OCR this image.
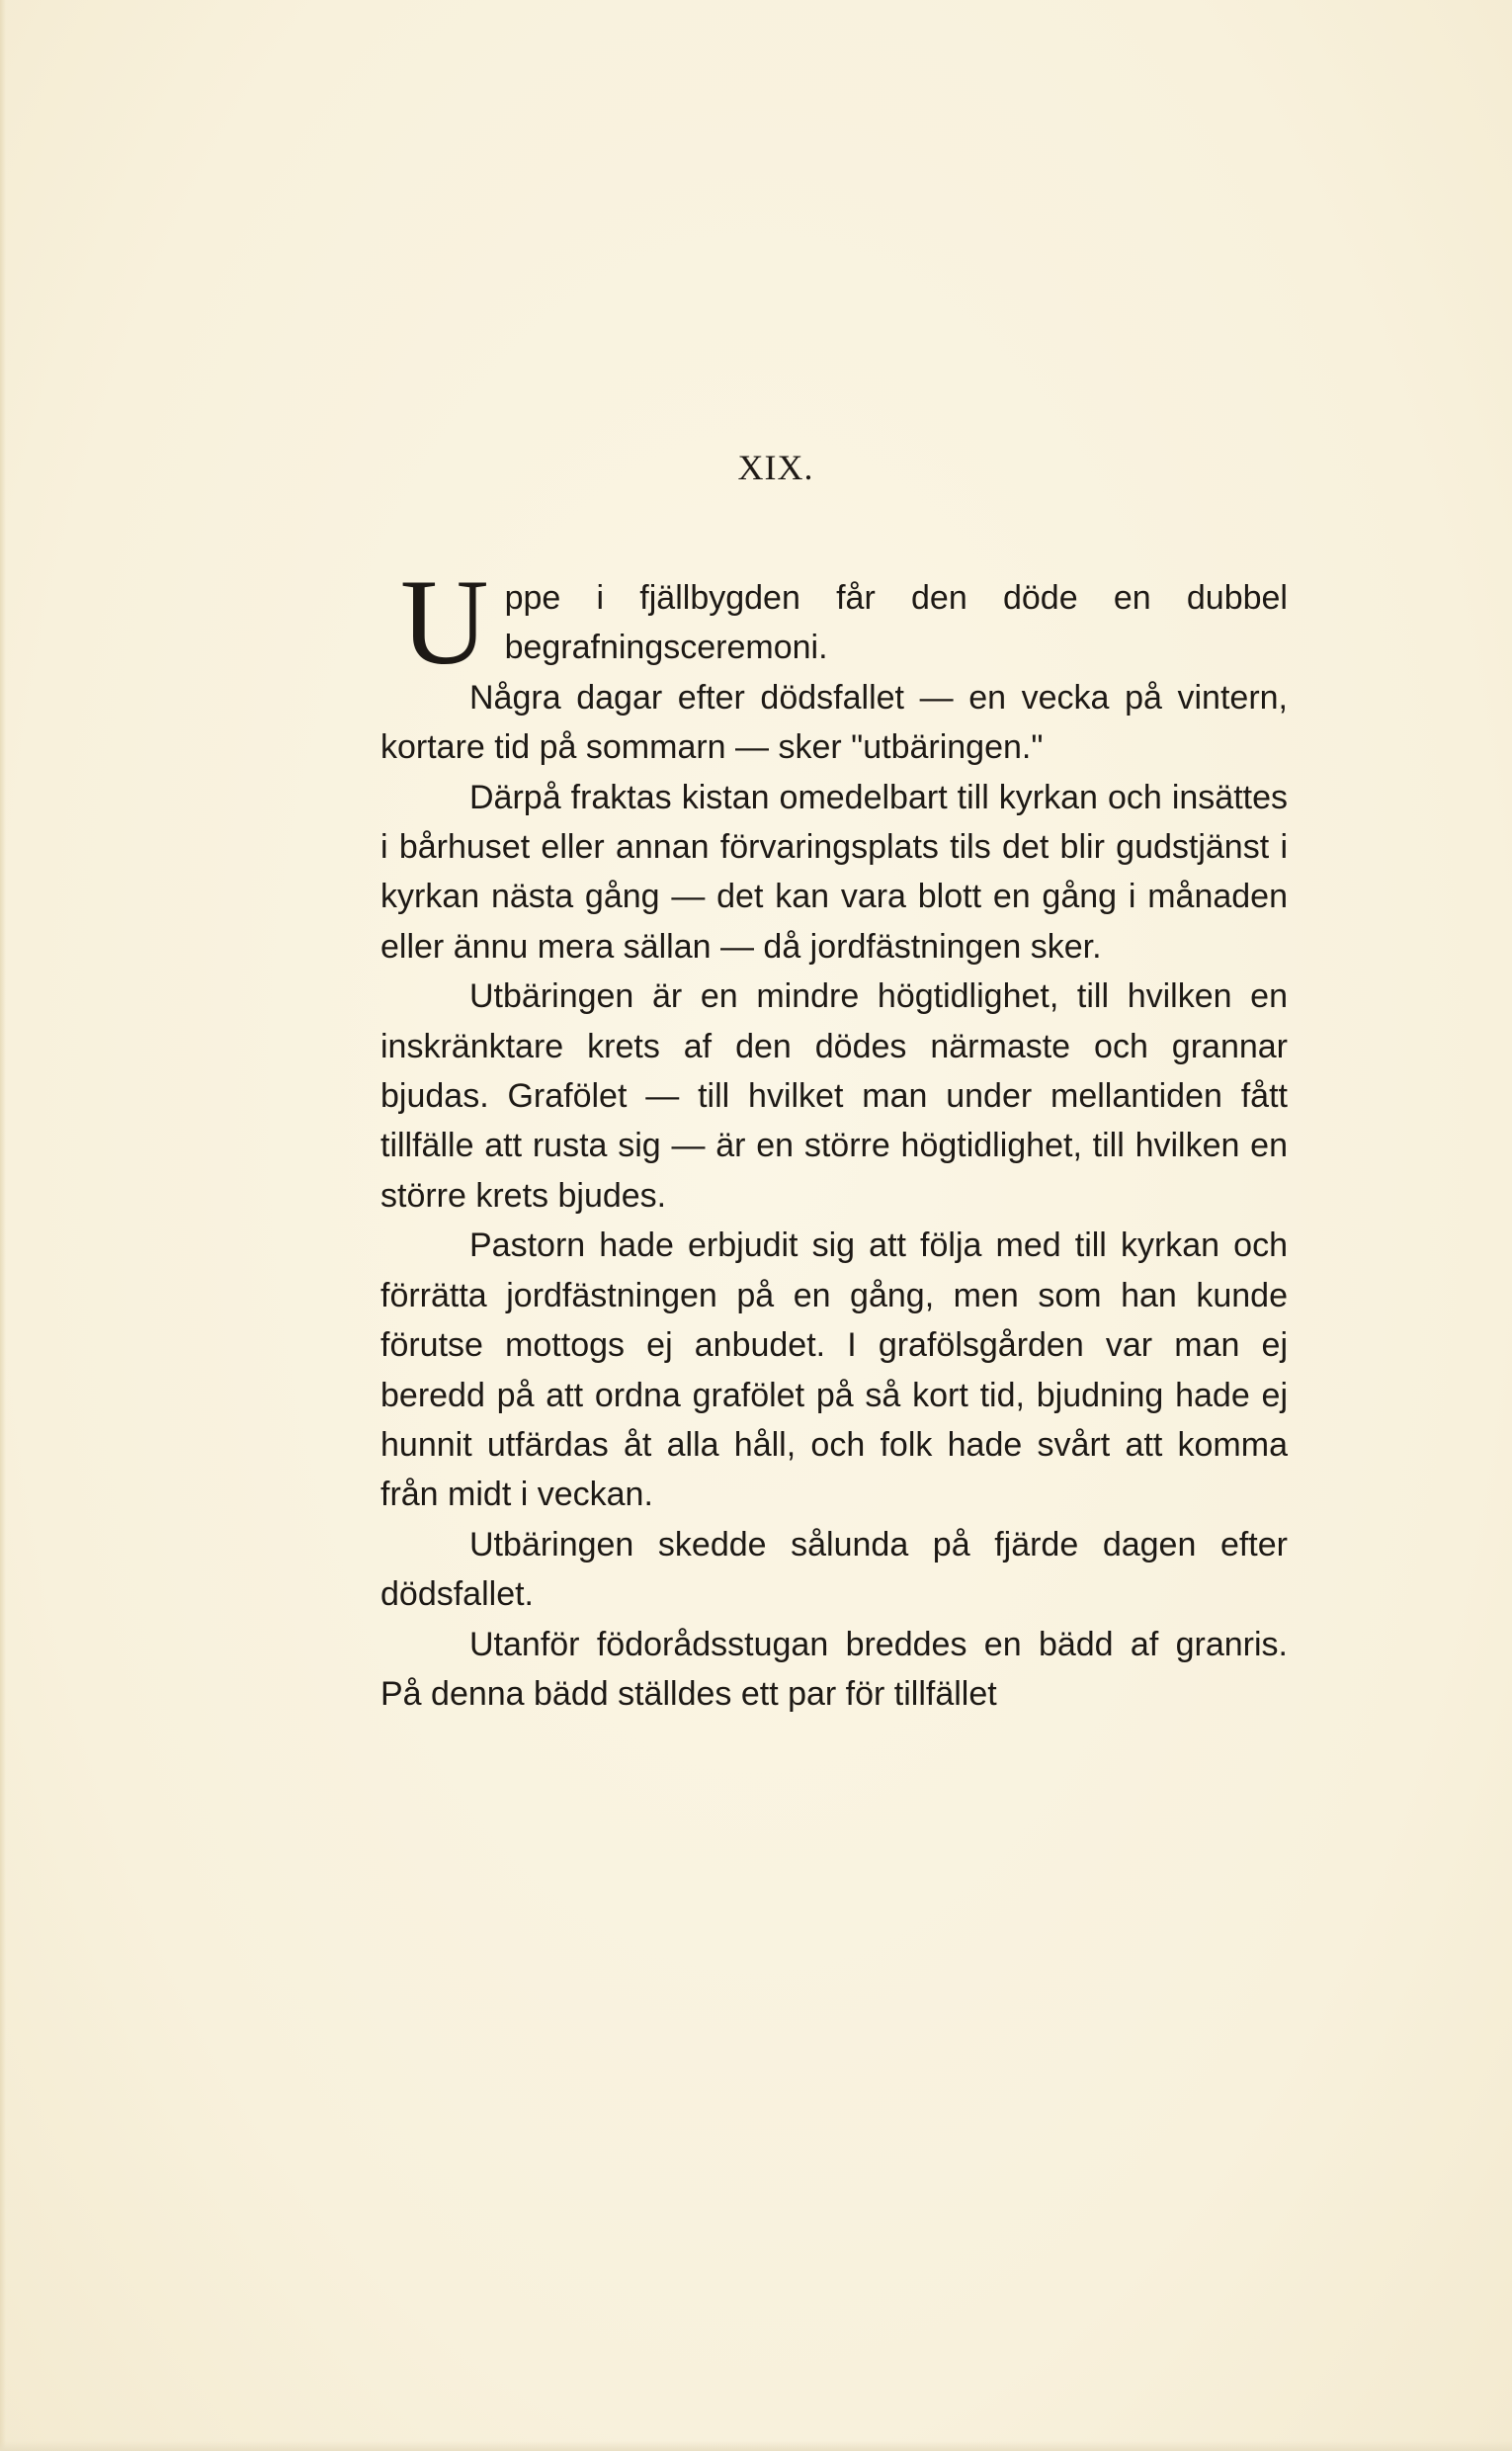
XIX.

Uppe i fjällbygden får den döde en dubbel begrafningsceremoni.

Några dagar efter dödsfallet — en vecka på vintern, kortare tid på sommarn — sker "utbäringen."

Därpå fraktas kistan omedelbart till kyrkan och insättes i bårhuset eller annan förvaringsplats tils det blir gudstjänst i kyrkan nästa gång — det kan vara blott en gång i månaden eller ännu mera sällan — då jordfästningen sker.

Utbäringen är en mindre högtidlighet, till hvilken en inskränktare krets af den dödes närmaste och grannar bjudas. Grafölet — till hvilket man under mellantiden fått tillfälle att rusta sig — är en större högtidlighet, till hvilken en större krets bjudes.

Pastorn hade erbjudit sig att följa med till kyrkan och förrätta jordfästningen på en gång, men som han kunde förutse mottogs ej anbudet. I grafölsgården var man ej beredd på att ordna grafölet på så kort tid, bjudning hade ej hunnit utfärdas åt alla håll, och folk hade svårt att komma från midt i veckan.

Utbäringen skedde sålunda på fjärde dagen efter dödsfallet.

Utanför födorådsstugan breddes en bädd af granris. På denna bädd ställdes ett par för tillfället
